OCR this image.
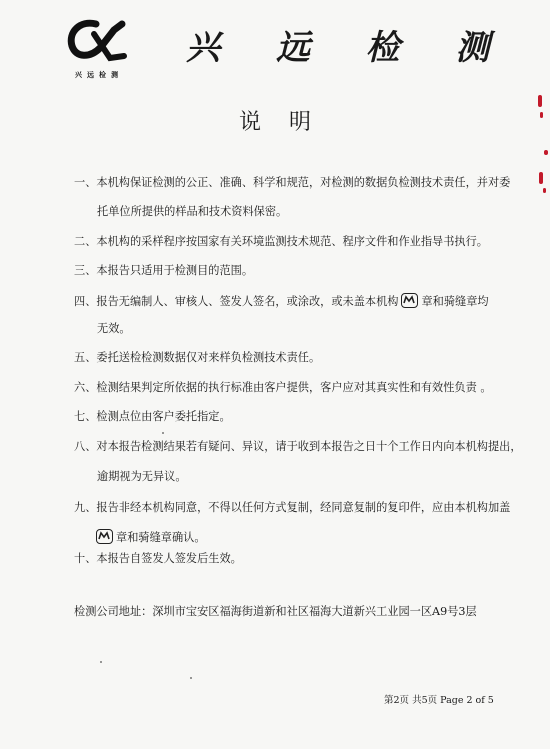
兴远检测
兴 远 检 测
说明
一、本机构保证检测的公正、准确、科学和规范，对检测的数据负检测技术责任，并对委
托单位所提供的样品和技术资料保密。
二、本机构的采样程序按国家有关环境监测技术规范、程序文件和作业指导书执行。
三、本报告只适用于检测目的范围。
四、报告无编制人、审核人、签发人签名，或涂改，或未盖本机构 章和骑缝章均
无效。
五、委托送检检测数据仅对来样负检测技术责任。
六、检测结果判定所依据的执行标准由客户提供，客户应对其真实性和有效性负责 。
七、检测点位由客户委托指定。
八、对本报告检测结果若有疑问、异议，请于收到本报告之日十个工作日内向本机构提出，
逾期视为无异议。
九、报告非经本机构同意，不得以任何方式复制，经同意复制的复印件，应由本机构加盖
章和骑缝章确认。
十、本报告自签发人签发后生效。
检测公司地址：深圳市宝安区福海街道新和社区福海大道新兴工业园一区A9号3层
第2页 共5页 Page 2 of 5
